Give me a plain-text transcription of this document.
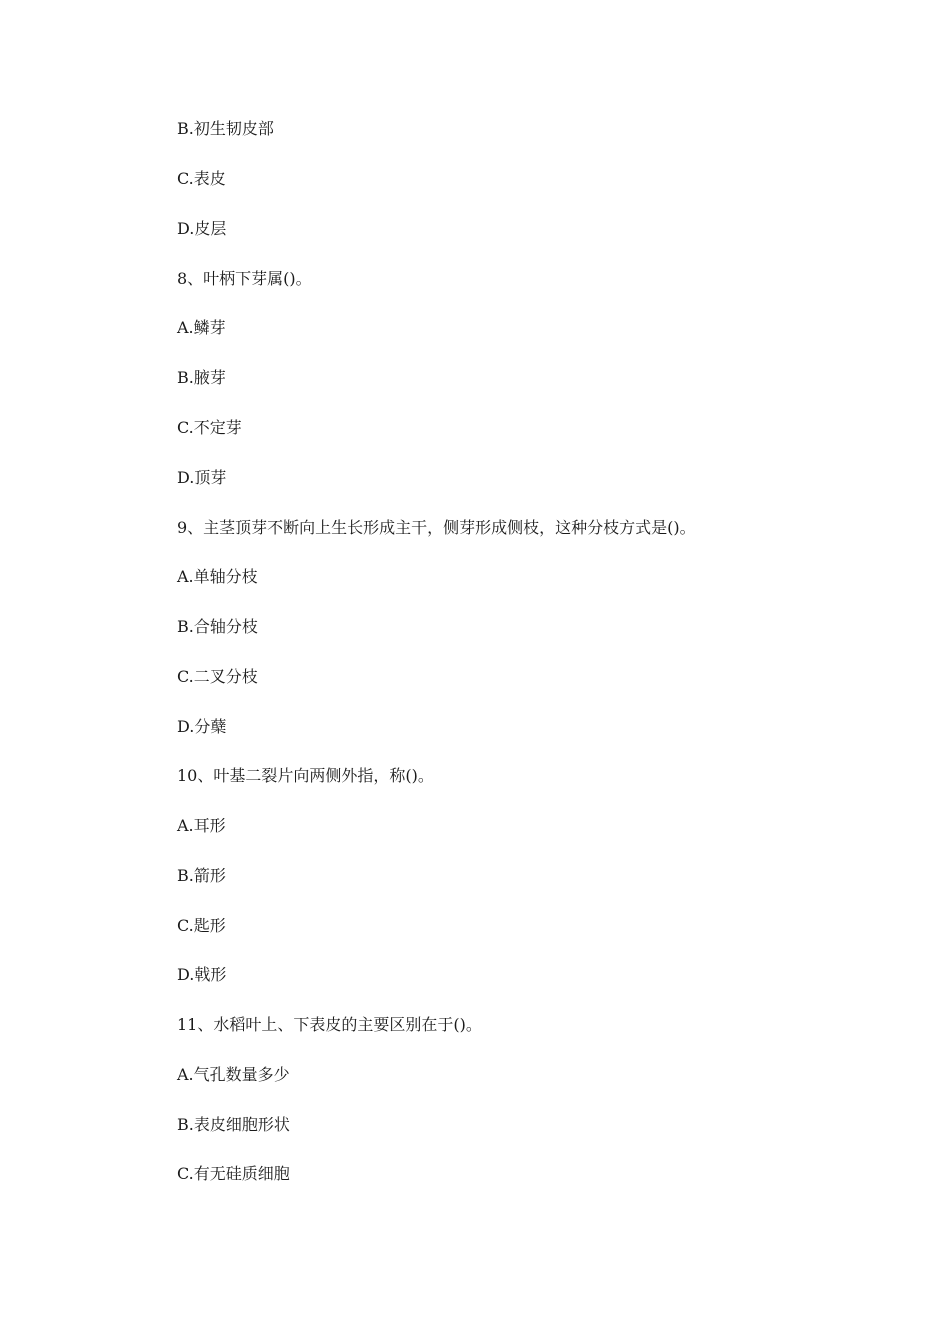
B.初生韧皮部
C.表皮
D.皮层
8、叶柄下芽属()。
A.鳞芽
B.腋芽
C.不定芽
D.顶芽
9、主茎顶芽不断向上生长形成主干，侧芽形成侧枝，这种分枝方式是()。
A.单轴分枝
B.合轴分枝
C.二叉分枝
D.分蘖
10、叶基二裂片向两侧外指，称()。
A.耳形
B.箭形
C.匙形
D.戟形
11、水稻叶上、下表皮的主要区别在于()。
A.气孔数量多少
B.表皮细胞形状
C.有无硅质细胞
